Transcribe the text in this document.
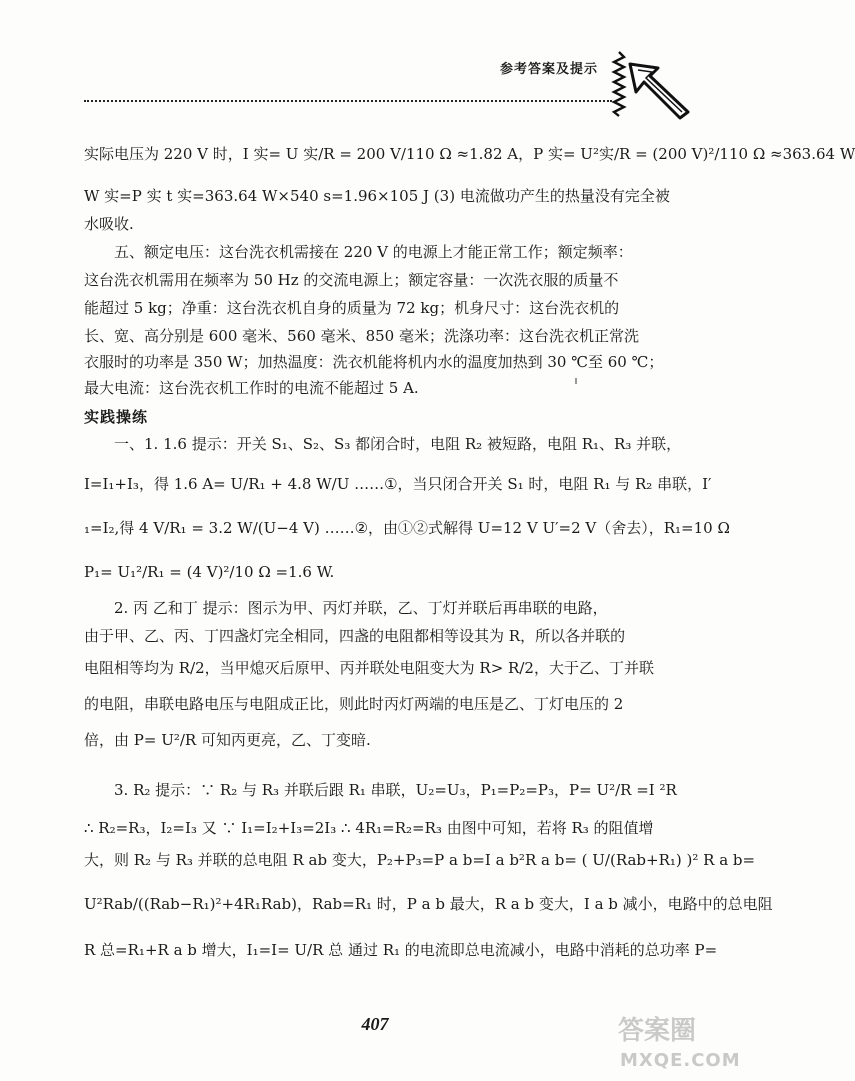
参考答案及提示
实际电压为 220 V 时，I 实= U 实/R = 200 V/110 Ω ≈1.82 A，P 实= U²实/R = (200 V)²/110 Ω ≈363.64 W
W 实=P 实 t 实=363.64 W×540 s=1.96×105 J (3) 电流做功产生的热量没有完全被
水吸收.
五、额定电压：这台洗衣机需接在 220 V 的电源上才能正常工作；额定频率：
这台洗衣机需用在频率为 50 Hz 的交流电源上；额定容量：一次洗衣服的质量不
能超过 5 kg；净重：这台洗衣机自身的质量为 72 kg；机身尺寸：这台洗衣机的
长、宽、高分别是 600 毫米、560 毫米、850 毫米；洗涤功率：这台洗衣机正常洗
衣服时的功率是 350 W；加热温度：洗衣机能将机内水的温度加热到 30 ℃至 60 ℃；
最大电流：这台洗衣机工作时的电流不能超过 5 A.
实践操练
一、1. 1.6 提示：开关 S₁、S₂、S₃ 都闭合时，电阻 R₂ 被短路，电阻 R₁、R₃ 并联，
I=I₁+I₃，得 1.6 A= U/R₁ + 4.8 W/U ……①，当只闭合开关 S₁ 时，电阻 R₁ 与 R₂ 串联，I′
₁=I₂,得 4 V/R₁ = 3.2 W/(U−4 V) ……②，由①②式解得 U=12 V U′=2 V（舍去），R₁=10 Ω
P₁= U₁²/R₁ = (4 V)²/10 Ω =1.6 W.
2. 丙 乙和丁 提示：图示为甲、丙灯并联，乙、丁灯并联后再串联的电路，
由于甲、乙、丙、丁四盏灯完全相同，四盏的电阻都相等设其为 R，所以各并联的
电阻相等均为 R/2，当甲熄灭后原甲、丙并联处电阻变大为 R> R/2，大于乙、丁并联
的电阻，串联电路电压与电阻成正比，则此时丙灯两端的电压是乙、丁灯电压的 2
倍，由 P= U²/R 可知丙更亮，乙、丁变暗.
3. R₂ 提示：∵ R₂ 与 R₃ 并联后跟 R₁ 串联，U₂=U₃，P₁=P₂=P₃，P= U²/R =I ²R
∴ R₂=R₃，I₂=I₃ 又 ∵ I₁=I₂+I₃=2I₃ ∴ 4R₁=R₂=R₃ 由图中可知，若将 R₃ 的阻值增
大，则 R₂ 与 R₃ 并联的总电阻 R ab 变大，P₂+P₃=P a b=I a b²R a b= ( U/(Rab+R₁) )² R a b=
U²Rab/((Rab−R₁)²+4R₁Rab)，Rab=R₁ 时，P a b 最大，R a b 变大，I a b 减小，电路中的总电阻
R 总=R₁+R a b 增大，I₁=I= U/R 总 通过 R₁ 的电流即总电流减小，电路中消耗的总功率 P=
407	答案圈
MXQE.COM
